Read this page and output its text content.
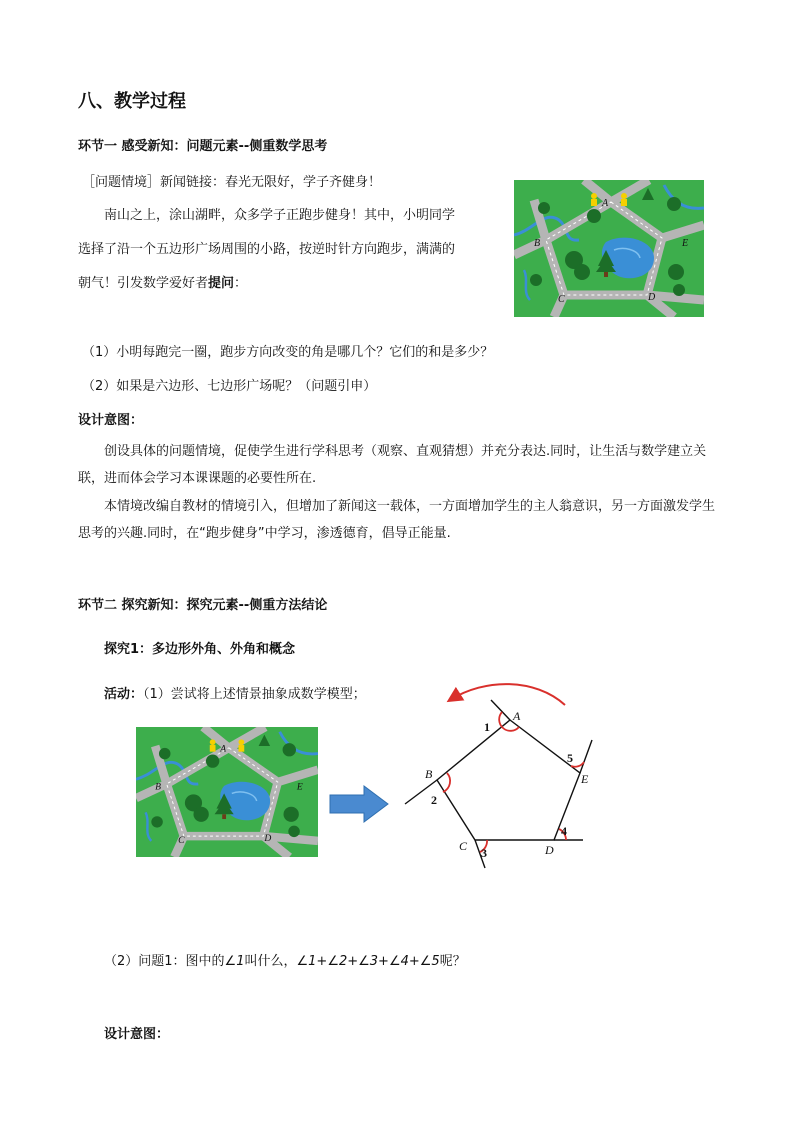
八、教学过程
环节一 感受新知：问题元素--侧重数学思考
［问题情境］新闻链接：春光无限好，学子齐健身！
南山之上，涂山湖畔，众多学子正跑步健身！其中，小明同学
选择了沿一个五边形广场周围的小路，按逆时针方向跑步，满满的
朝气！引发数学爱好者提问：
A
B
C	D
E
（1）小明每跑完一圈，跑步方向改变的角是哪几个？它们的和是多少？
（2）如果是六边形、七边形广场呢？（问题引申）
设计意图：
创设具体的问题情境，促使学生进行学科思考（观察、直观猜想）并充分表达.同时，让生活与数学建立关联，进而体会学习本课课题的必要性所在.
本情境改编自教材的情境引入，但增加了新闻这一载体，一方面增加学生的主人翁意识，另一方面激发学生思考的兴趣.同时，在“跑步健身”中学习，渗透德育，倡导正能量.
环节二 探究新知：探究元素--侧重方法结论
探究1：多边形外角、外角和概念
活动：（1）尝试将上述情景抽象成数学模型；
A
B
C	D
E
A
B
C	D
E
1
2
3
4
5
（2）问题1：图中的∠1叫什么，∠1+∠2+∠3+∠4+∠5呢？
设计意图：
